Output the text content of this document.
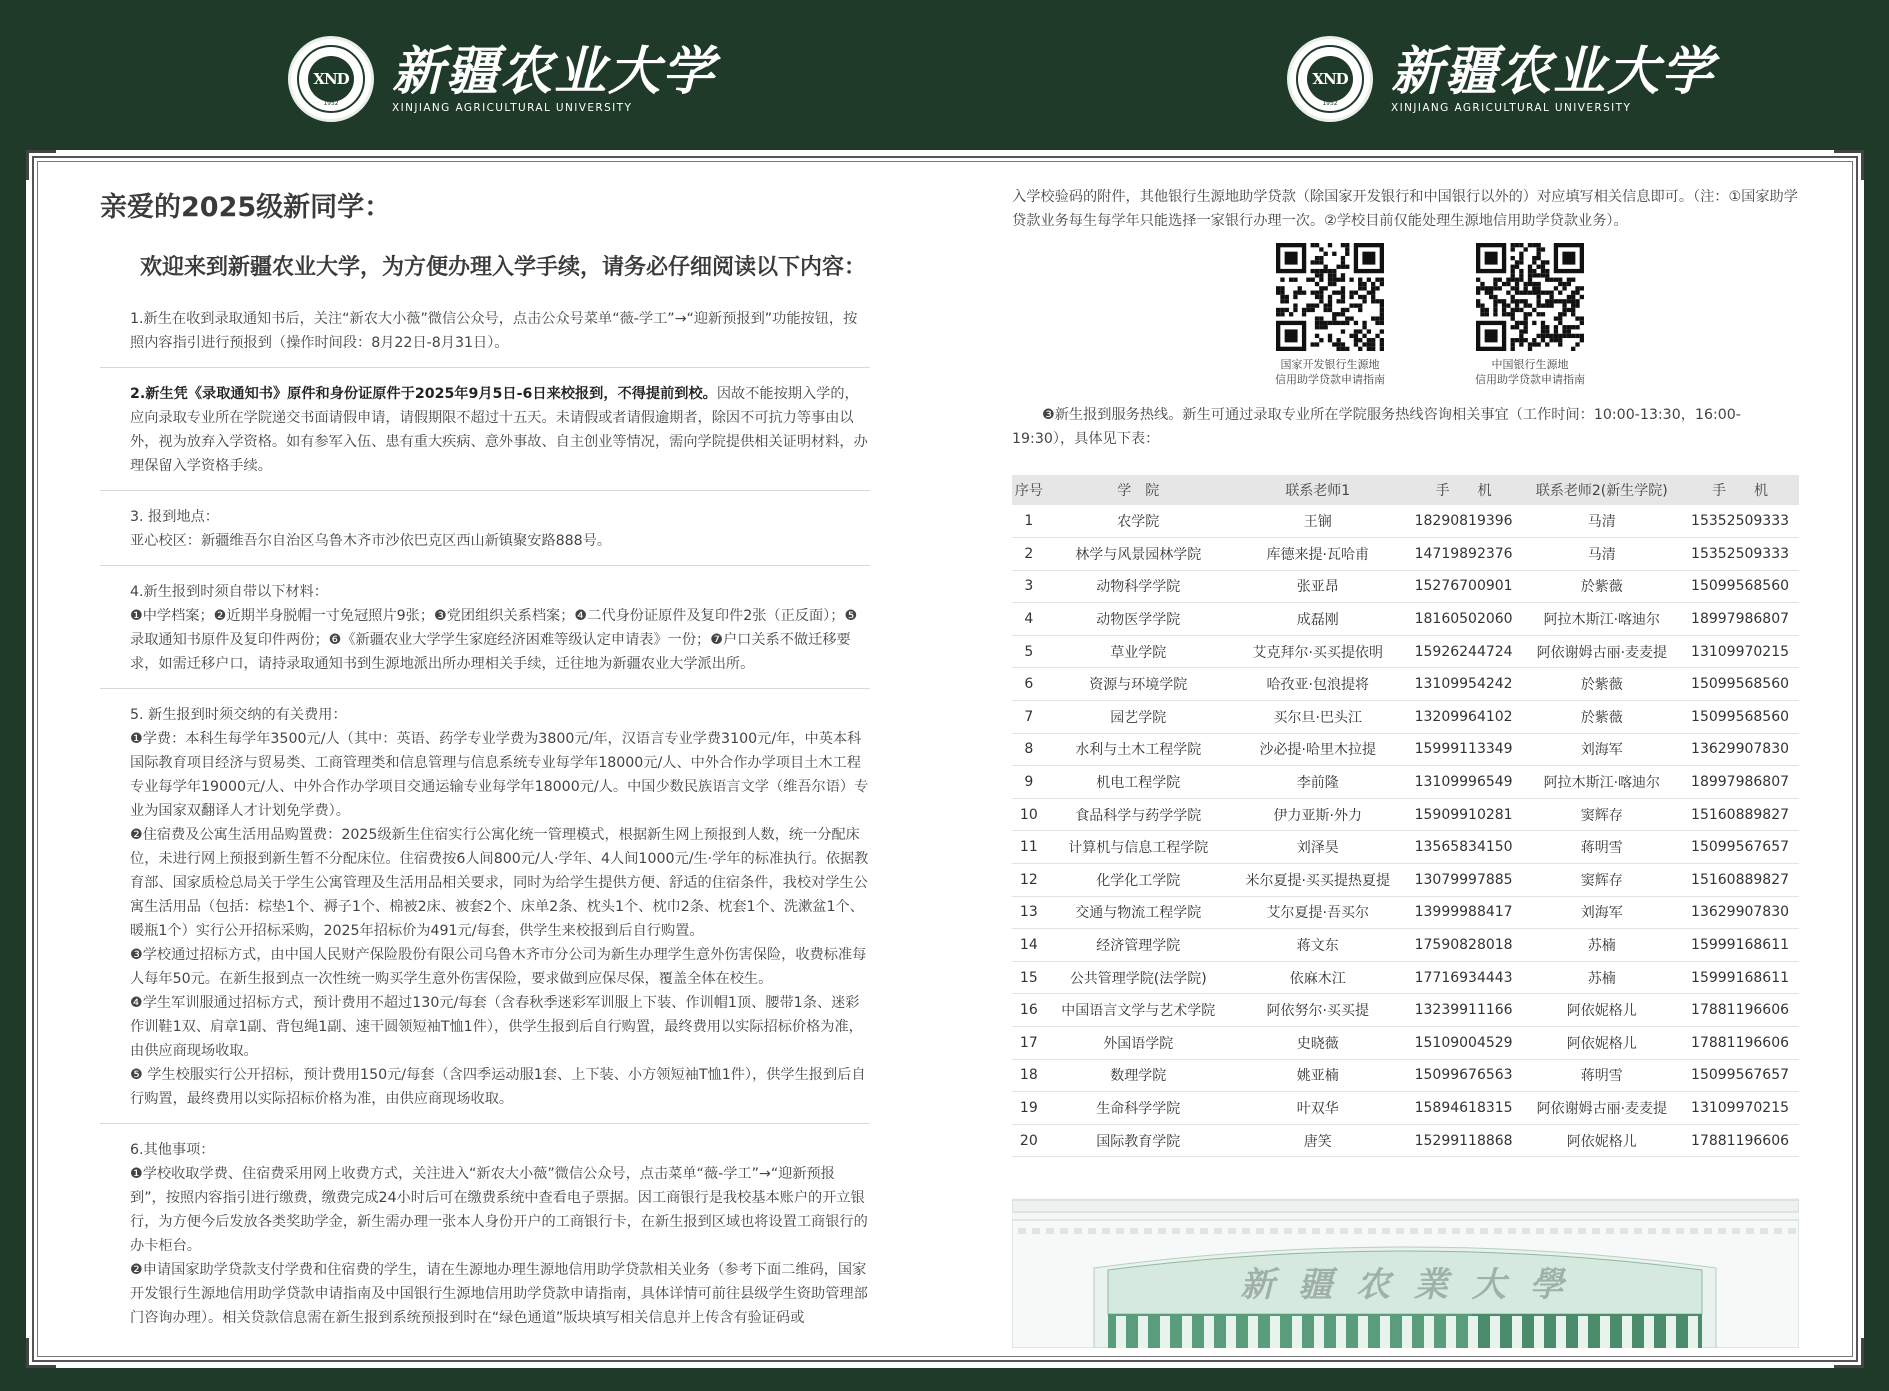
XND
1952
新疆农业大学
XINJIANG AGRICULTURAL UNIVERSITY
XND
1952
新疆农业大学
XINJIANG AGRICULTURAL UNIVERSITY
亲爱的2025级新同学：
欢迎来到新疆农业大学，为方便办理入学手续，请务必仔细阅读以下内容：

1.新生在收到录取通知书后，关注“新农大小薇”微信公众号，点击公众号菜单“薇-学工”→“迎新预报到”功能按钮，按照内容指引进行预报到（操作时间段：8月22日-8月31日）。

2.新生凭《录取通知书》原件和身份证原件于2025年9月5日-6日来校报到，不得提前到校。因故不能按期入学的，应向录取专业所在学院递交书面请假申请，请假期限不超过十五天。未请假或者请假逾期者，除因不可抗力等事由以外，视为放弃入学资格。如有参军入伍、患有重大疾病、意外事故、自主创业等情况，需向学院提供相关证明材料，办理保留入学资格手续。

3. 报到地点：

亚心校区：新疆维吾尔自治区乌鲁木齐市沙依巴克区西山新镇聚安路888号。

4.新生报到时须自带以下材料：

❶中学档案；❷近期半身脱帽一寸免冠照片9张；❸党团组织关系档案；❹二代身份证原件及复印件2张（正反面）；❺录取通知书原件及复印件两份；❻《新疆农业大学学生家庭经济困难等级认定申请表》一份；❼户口关系不做迁移要求，如需迁移户口，请持录取通知书到生源地派出所办理相关手续，迁往地为新疆农业大学派出所。

5. 新生报到时须交纳的有关费用：

❶学费：本科生每学年3500元/人（其中：英语、药学专业学费为3800元/年，汉语言专业学费3100元/年，中英本科国际教育项目经济与贸易类、工商管理类和信息管理与信息系统专业每学年18000元/人、中外合作办学项目土木工程专业每学年19000元/人、中外合作办学项目交通运输专业每学年18000元/人。中国少数民族语言文学（维吾尔语）专业为国家双翻译人才计划免学费）。

❷住宿费及公寓生活用品购置费：2025级新生住宿实行公寓化统一管理模式，根据新生网上预报到人数，统一分配床位，未进行网上预报到新生暂不分配床位。住宿费按6人间800元/人·学年、4人间1000元/生·学年的标准执行。依据教育部、国家质检总局关于学生公寓管理及生活用品相关要求，同时为给学生提供方便、舒适的住宿条件，我校对学生公寓生活用品（包括：棕垫1个、褥子1个、棉被2床、被套2个、床单2条、枕头1个、枕巾2条、枕套1个、洗漱盆1个、暖瓶1个）实行公开招标采购，2025年招标价为491元/每套，供学生来校报到后自行购置。

❸学校通过招标方式，由中国人民财产保险股份有限公司乌鲁木齐市分公司为新生办理学生意外伤害保险，收费标准每人每年50元。在新生报到点一次性统一购买学生意外伤害保险，要求做到应保尽保，覆盖全体在校生。

❹学生军训服通过招标方式，预计费用不超过130元/每套（含春秋季迷彩军训服上下装、作训帽1顶、腰带1条、迷彩作训鞋1双、肩章1副、背包绳1副、速干圆领短袖T恤1件），供学生报到后自行购置，最终费用以实际招标价格为准，由供应商现场收取。

❺ 学生校服实行公开招标，预计费用150元/每套（含四季运动服1套、上下装、小方领短袖T恤1件），供学生报到后自行购置，最终费用以实际招标价格为准，由供应商现场收取。

6.其他事项：

❶学校收取学费、住宿费采用网上收费方式，关注进入“新农大小薇”微信公众号，点击菜单“薇-学工”→“迎新预报到”，按照内容指引进行缴费，缴费完成24小时后可在缴费系统中查看电子票据。因工商银行是我校基本账户的开立银行，为方便今后发放各类奖助学金，新生需办理一张本人身份开户的工商银行卡，在新生报到区域也将设置工商银行的办卡柜台。

❷申请国家助学贷款支付学费和住宿费的学生，请在生源地办理生源地信用助学贷款相关业务（参考下面二维码，国家开发银行生源地信用助学贷款申请指南及中国银行生源地信用助学贷款申请指南，具体详情可前往县级学生资助管理部门咨询办理）。相关贷款信息需在新生报到系统预报到时在“绿色通道”版块填写相关信息并上传含有验证码或

入学校验码的附件，其他银行生源地助学贷款（除国家开发银行和中国银行以外的）对应填写相关信息即可。（注：①国家助学贷款业务每生每学年只能选择一家银行办理一次。②学校目前仅能处理生源地信用助学贷款业务）。

国家开发银行生源地
信用助学贷款申请指南
中国银行生源地
信用助学贷款申请指南

❸新生报到服务热线。新生可通过录取专业所在学院服务热线咨询相关事宜（工作时间：10:00-13:30，16:00-19:30），具体见下表：

序号	学　院	联系老师1	手　　机	联系老师2(新生学院)	手　　机
1	农学院	王锎	18290819396	马清	15352509333
2	林学与风景园林学院	库德来提·瓦哈甫	14719892376	马清	15352509333
3	动物科学学院	张亚昂	15276700901	於紫薇	15099568560
4	动物医学学院	成磊刚	18160502060	阿拉木斯江·喀迪尔	18997986807
5	草业学院	艾克拜尔·买买提依明	15926244724	阿依谢姆古丽·麦麦提	13109970215
6	资源与环境学院	哈孜亚·包浪提将	13109954242	於紫薇	15099568560
7	园艺学院	买尔旦·巴头江	13209964102	於紫薇	15099568560
8	水利与土木工程学院	沙必提·哈里木拉提	15999113349	刘海军	13629907830
9	机电工程学院	李前隆	13109996549	阿拉木斯江·喀迪尔	18997986807
10	食品科学与药学学院	伊力亚斯·外力	15909910281	窦辉存	15160889827
11	计算机与信息工程学院	刘泽昊	13565834150	蒋明雪	15099567657
12	化学化工学院	米尔夏提·买买提热夏提	13079997885	窦辉存	15160889827
13	交通与物流工程学院	艾尔夏提·吾买尔	13999988417	刘海军	13629907830
14	经济管理学院	蒋文东	17590828018	苏楠	15999168611
15	公共管理学院(法学院)	依麻木江	17716934443	苏楠	15999168611
16	中国语言文学与艺术学院	阿依努尔·买买提	13239911166	阿依妮格儿	17881196606
17	外国语学院	史晓薇	15109004529	阿依妮格儿	17881196606
18	数理学院	姚亚楠	15099676563	蒋明雪	15099567657
19	生命科学学院	叶双华	15894618315	阿依谢姆古丽·麦麦提	13109970215
20	国际教育学院	唐笑	15299118868	阿依妮格儿	17881196606
新 疆 农 業 大 學
